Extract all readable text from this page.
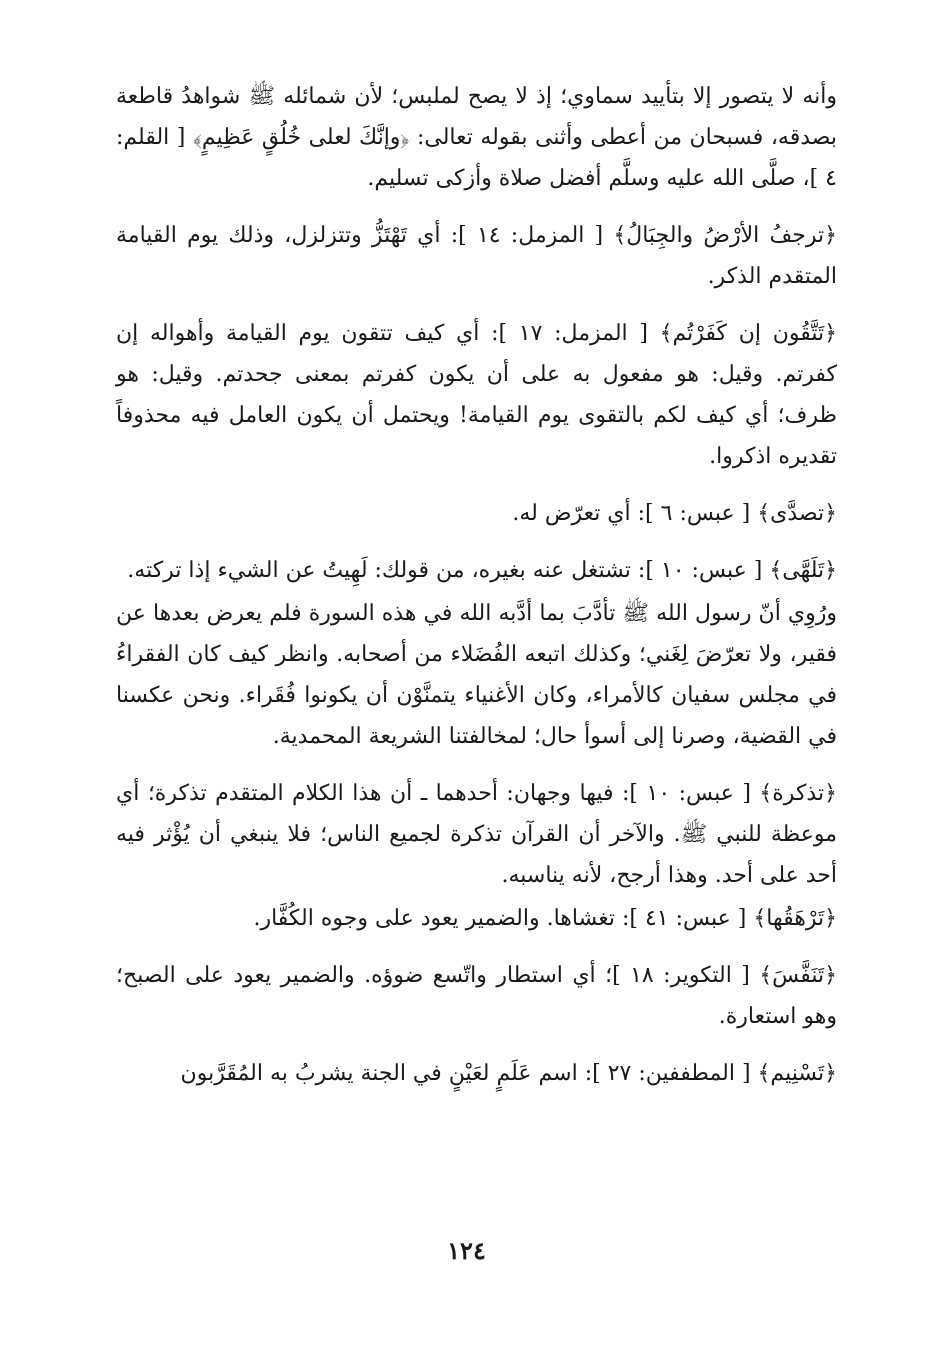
وأنه لا يتصور إلا بتأييد سماوي؛ إذ لا يصح لملبس؛ لأن شمائله ﷺ شواهدُ قاطعة بصدقه، فسبحان من أعطى وأثنى بقوله تعالى: ﴿وإنَّكَ لعلى خُلُقٍ عَظِيمٍ﴾ [ القلم: ٤ ]، صلَّى الله عليه وسلَّم أفضل صلاة وأزكى تسليم.

﴿ترجفُ الأرْضُ والجِبَالُ﴾ [ المزمل: ١٤ ]: أي تَهْتَزُّ وتتزلزل، وذلك يوم القيامة المتقدم الذكر.

﴿تَتَّقُون إن كَفَرْتُم﴾ [ المزمل: ١٧ ]: أي كيف تتقون يوم القيامة وأهواله إن كفرتم. وقيل: هو مفعول به على أن يكون كفرتم بمعنى جحدتم. وقيل: هو ظرف؛ أي كيف لكم بالتقوى يوم القيامة! ويحتمل أن يكون العامل فيه محذوفاً تقديره اذكروا.

﴿تصدَّى﴾ [ عبس: ٦ ]: أي تعرّض له.

﴿تَلَهَّى﴾ [ عبس: ١٠ ]: تشتغل عنه بغيره، من قولك: لَهِيتُ عن الشيء إذا تركته.

ورُوِي أنّ رسول الله ﷺ تأدَّبَ بما أدَّبه الله في هذه السورة فلم يعرض بعدها عن فقير، ولا تعرّضَ لِغَني؛ وكذلك اتبعه الفُضَلاء من أصحابه. وانظر كيف كان الفقراءُ في مجلس سفيان كالأمراء، وكان الأغنياء يتمنَّوْن أن يكونوا فُقَراء. ونحن عكسنا في القضية، وصرنا إلى أسوأ حال؛ لمخالفتنا الشريعة المحمدية.

﴿تذكرة﴾ [ عبس: ١٠ ]: فيها وجهان: أحدهما ـ أن هذا الكلام المتقدم تذكرة؛ أي موعظة للنبي ﷺ. والآخر أن القرآن تذكرة لجميع الناس؛ فلا ينبغي أن يُؤْثر فيه أحد على أحد. وهذا أرجح، لأنه يناسبه.

﴿تَرْهَقُها﴾ [ عبس: ٤١ ]: تغشاها. والضمير يعود على وجوه الكُفَّار.

﴿تَنَفَّسَ﴾ [ التكوير: ١٨ ]؛ أي استطار واتّسع ضوؤه. والضمير يعود على الصبح؛ وهو استعارة.

﴿تَسْنِيم﴾ [ المطففين: ٢٧ ]: اسم عَلَمٍ لعَيْنٍ في الجنة يشربُ به المُقَرَّبون

١٢٤
